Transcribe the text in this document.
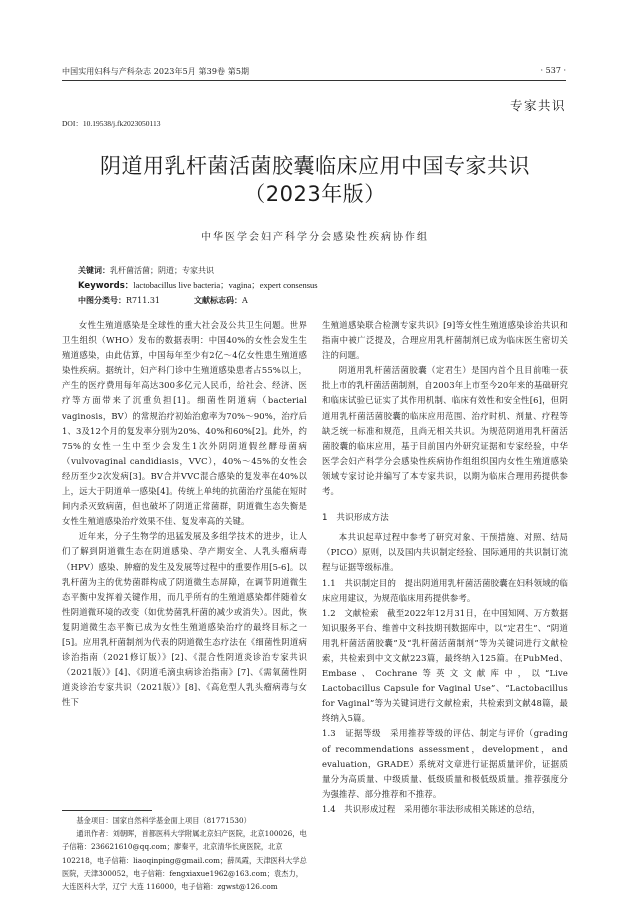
中国实用妇科与产科杂志 2023年5月 第39卷 第5期	· 537 ·
专家共识
DOI：10.19538/j.fk2023050113
阴道用乳杆菌活菌胶囊临床应用中国专家共识
（2023年版）
中华医学会妇产科学分会感染性疾病协作组
关键词：乳杆菌活菌；阴道；专家共识
Keywords：lactobacillus live bacteria；vagina；expert consensus
中图分类号：R711.31	文献标志码：A

女性生殖道感染是全球性的重大社会及公共卫生问题。世界卫生组织（WHO）发布的数据表明：中国40%的女性会发生生殖道感染，由此估算，中国每年至少有2亿～4亿女性患生殖道感染性疾病。据统计，妇产科门诊中生殖道感染患者占55%以上，产生的医疗费用每年高达300多亿元人民币，给社会、经济、医疗等方面带来了沉重负担[1]。细菌性阴道病（bacterial vaginosis，BV）的常规治疗初始治愈率为70%～90%，治疗后1、3及12个月的复发率分别为20%、40%和60%[2]。此外，约75%的女性一生中至少会发生1次外阴阴道假丝酵母菌病（vulvovaginal candidiasis，VVC），40%～45%的女性会经历至少2次发病[3]。BV合并VVC混合感染的复发率在40%以上，远大于阴道单一感染[4]。传统上单纯的抗菌治疗虽能在短时间内杀灭致病菌，但也破坏了阴道正常菌群，阴道微生态失衡是女性生殖道感染治疗效果不佳、复发率高的关键。

近年来，分子生物学的迅猛发展及多组学技术的进步，让人们了解到阴道微生态在阴道感染、孕产期安全、人乳头瘤病毒（HPV）感染、肿瘤的发生及发展等过程中的重要作用[5-6]。以乳杆菌为主的优势菌群构成了阴道微生态屏障，在调节阴道微生态平衡中发挥着关键作用，而几乎所有的生殖道感染都伴随着女性阴道微环境的改变（如优势菌乳杆菌的减少或消失）。因此，恢复阴道微生态平衡已成为女性生殖道感染治疗的最终目标之一[5]。应用乳杆菌制剂为代表的阴道微生态疗法在《细菌性阴道病诊治指南（2021修订版）》[2]、《混合性阴道炎诊治专家共识（2021版）》[4]、《阴道毛滴虫病诊治指南》[7]、《需氧菌性阴道炎诊治专家共识（2021版）》[8]、《高危型人乳头瘤病毒与女性下

基金项目：国家自然科学基金面上项目（81771530）

通讯作者：刘朝晖，首都医科大学附属北京妇产医院，北京100026，电子信箱：236621610@qq.com；廖秦平，北京清华长庚医院，北京102218，电子信箱：liaoqinping@gmail.com；薛凤霞，天津医科大学总医院，天津300052，电子信箱：fengxiaxue1962@163.com；袁杰力，大连医科大学，辽宁 大连 116000，电子信箱：zgwst@126.com

生殖道感染联合检测专家共识》[9]等女性生殖道感染诊治共识和指南中被广泛提及，合理应用乳杆菌制剂已成为临床医生密切关注的问题。

阴道用乳杆菌活菌胶囊（定君生）是国内首个且目前唯一获批上市的乳杆菌活菌制剂，自2003年上市至今20年来的基础研究和临床试验已证实了其作用机制、临床有效性和安全性[6]，但阴道用乳杆菌活菌胶囊的临床应用范围、治疗时机、剂量、疗程等缺乏统一标准和规范，且尚无相关共识。为规范阴道用乳杆菌活菌胶囊的临床应用，基于目前国内外研究证据和专家经验，中华医学会妇产科学分会感染性疾病协作组组织国内女性生殖道感染领域专家讨论并编写了本专家共识，以期为临床合理用药提供参考。

1　共识形成方法

本共识起草过程中参考了研究对象、干预措施、对照、结局（PICO）原则，以及国内共识制定经验、国际通用的共识制订流程与证据等级标准。

1.1　共识制定目的　提出阴道用乳杆菌活菌胶囊在妇科领域的临床应用建议，为规范临床用药提供参考。

1.2　文献检索　截至2022年12月31日，在中国知网、万方数据知识服务平台、维普中文科技期刊数据库中，以“定君生”、“阴道用乳杆菌活菌胶囊”及“乳杆菌活菌制剂”等为关键词进行文献检索，共检索到中文文献223篇，最终纳入125篇。在PubMed、Embase、Cochrane等英文文献库中，以“Live Lactobacillus Capsule for Vaginal Use”、“Lactobacillus for Vaginal”等为关键词进行文献检索，共检索到文献48篇，最终纳入5篇。

1.3　证据等级　采用推荐等级的评估、制定与评价（grading of recommendations assessment，development，and evaluation，GRADE）系统对文章进行证据质量评价，证据质量分为高质量、中级质量、低级质量和极低级质量。推荐强度分为强推荐、部分推荐和不推荐。

1.4　共识形成过程　采用德尔菲法形成相关陈述的总结，
